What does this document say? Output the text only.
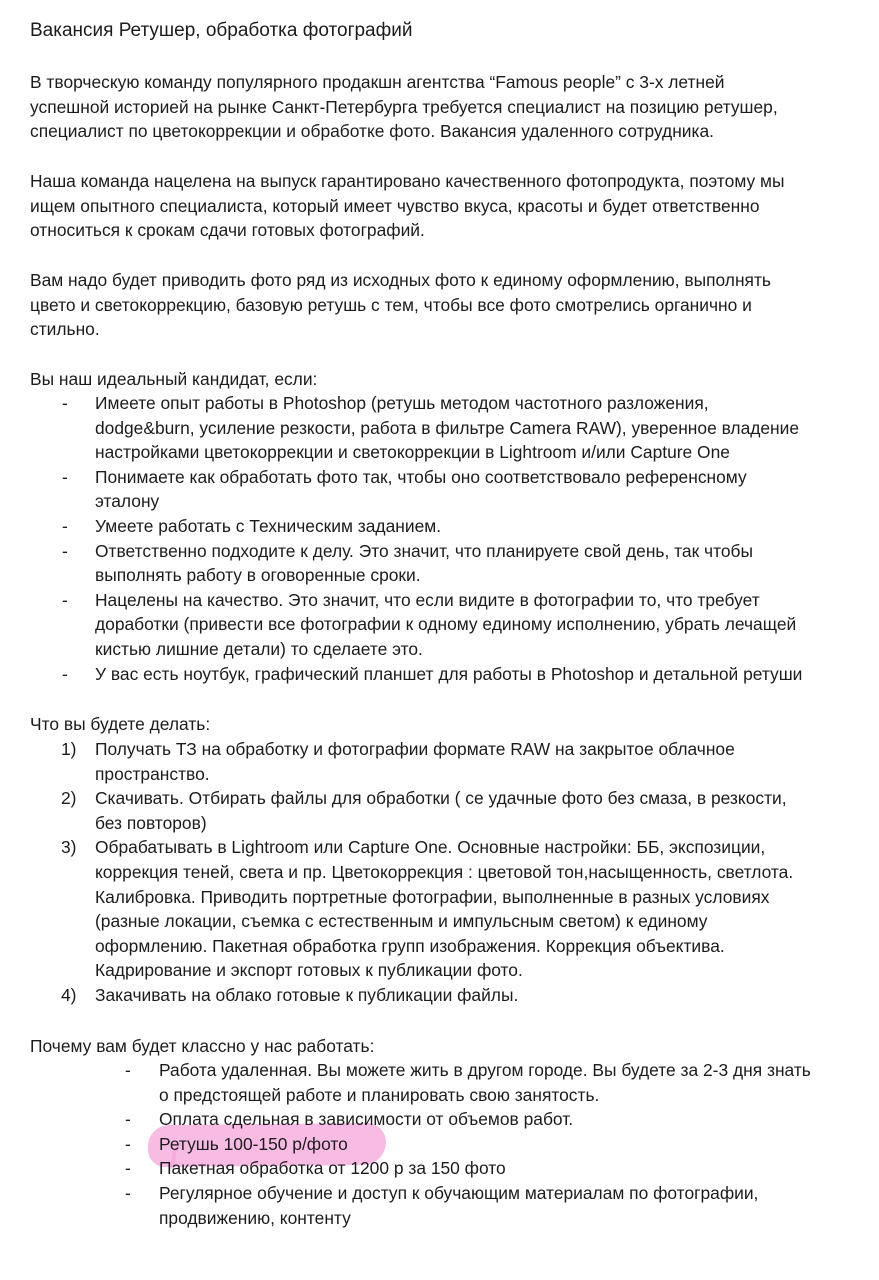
Вакансия Ретушер, обработка фотографий

В творческую команду популярного продакшн агентства “Famous people” с 3-х летней
успешной историей на рынке Санкт-Петербурга требуется специалист на позицию ретушер,
специалист по цветокоррекции и обработке фото. Вакансия удаленного сотрудника.

Наша команда нацелена на выпуск гарантировано качественного фотопродукта, поэтому мы
ищем опытного специалиста, который имеет чувство вкуса, красоты и будет ответственно
относиться к срокам сдачи готовых фотографий.

Вам надо будет приводить фото ряд из исходных фото к единому оформлению, выполнять
цвето и светокоррекцию, базовую ретушь с тем, чтобы все фото смотрелись органично и
стильно.

Вы наш идеальный кандидат, если:
- Имеете опыт работы в Photoshop (ретушь методом частотного разложения,
dodge&burn, усиление резкости, работа в фильтре Camera RAW), уверенное владение
настройками цветокоррекции и светокоррекции в Lightroom и/или Capture One
- Понимаете как обработать фото так, чтобы оно соответствовало референсному
эталону
- Умеете работать с Техническим заданием.
- Ответственно подходите к делу. Это значит, что планируете свой день, так чтобы
выполнять работу в оговоренные сроки.
- Нацелены на качество. Это значит, что если видите в фотографии то, что требует
доработки (привести все фотографии к одному единому исполнению, убрать лечащей
кистью лишние детали) то сделаете это.
- У вас есть ноутбук, графический планшет для работы в Photoshop и детальной ретуши
Что вы будете делать:
1) Получать ТЗ на обработку и фотографии формате RAW на закрытое облачное
пространство.
2) Скачивать. Отбирать файлы для обработки ( се удачные фото без смаза, в резкости,
без повторов)
3) Обрабатывать в Lightroom или Capture One. Основные настройки: ББ, экспозиции,
коррекция теней, света и пр. Цветокоррекция : цветовой тон,насыщенность, светлота.
Калибровка. Приводить портретные фотографии, выполненные в разных условиях
(разные локации, съемка с естественным и импульсным светом) к единому
оформлению. Пакетная обработка групп изображения. Коррекция объектива.
Кадрирование и экспорт готовых к публикации фото.
4) Закачивать на облако готовые к публикации файлы.
Почему вам будет классно у нас работать:
- Работа удаленная. Вы можете жить в другом городе. Вы будете за 2-3 дня знать
о предстоящей работе и планировать свою занятость.
- Оплата сдельная в зависимости от объемов работ.
- Ретушь 100-150 р/фото
- Пакетная обработка от 1200 р за 150 фото
- Регулярное обучение и доступ к обучающим материалам по фотографии,
продвижению, контенту
